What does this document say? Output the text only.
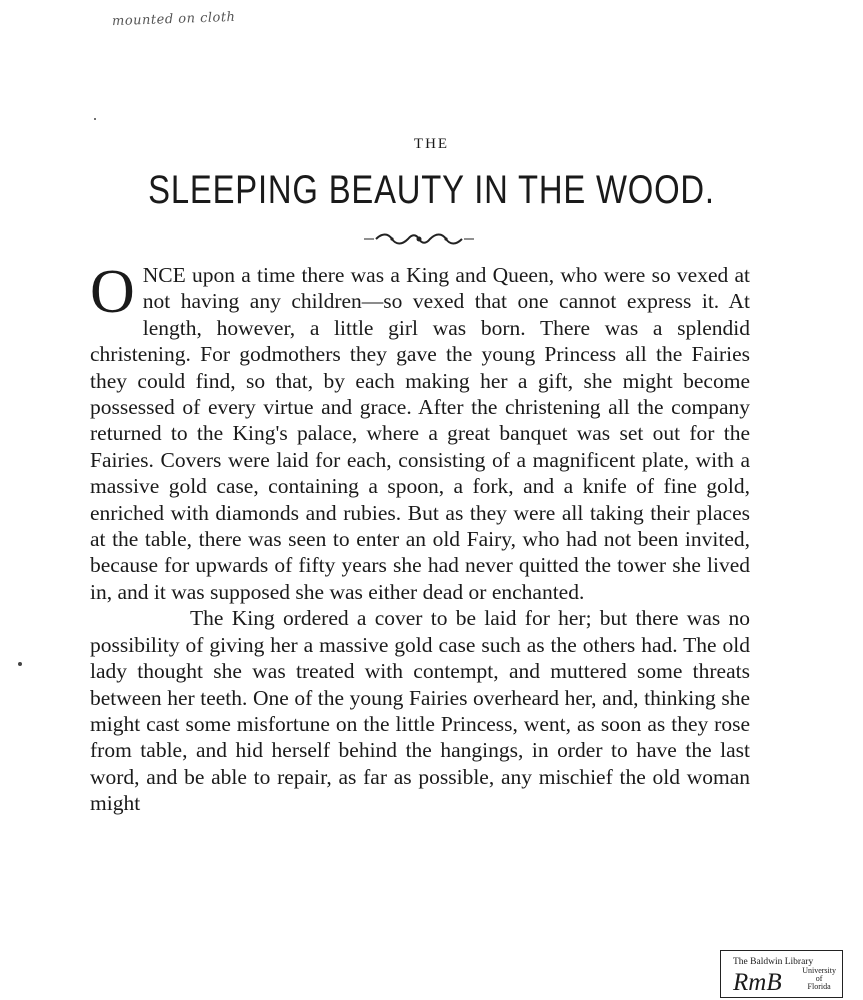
mounted on cloth
THE
SLEEPING BEAUTY IN THE WOOD.

ONCE upon a time there was a King and Queen, who were so vexed at not having any children—so vexed that one cannot express it. At length, however, a little girl was born. There was a splendid christening. For godmothers they gave the young Princess all the Fairies they could find, so that, by each making her a gift, she might become possessed of every virtue and grace. After the christening all the company returned to the King's palace, where a great banquet was set out for the Fairies. Covers were laid for each, consisting of a magnificent plate, with a massive gold case, containing a spoon, a fork, and a knife of fine gold, enriched with diamonds and rubies. But as they were all taking their places at the table, there was seen to enter an old Fairy, who had not been invited, because for upwards of fifty years she had never quitted the tower she lived in, and it was supposed she was either dead or enchanted.

The King ordered a cover to be laid for her; but there was no possibility of giving her a massive gold case such as the others had. The old lady thought she was treated with contempt, and muttered some threats between her teeth. One of the young Fairies overheard her, and, thinking she might cast some misfortune on the little Princess, went, as soon as they rose from table, and hid herself behind the hangings, in order to have the last word, and be able to repair, as far as possible, any mischief the old woman might

The Baldwin Library
University
of
Florida
RmB
